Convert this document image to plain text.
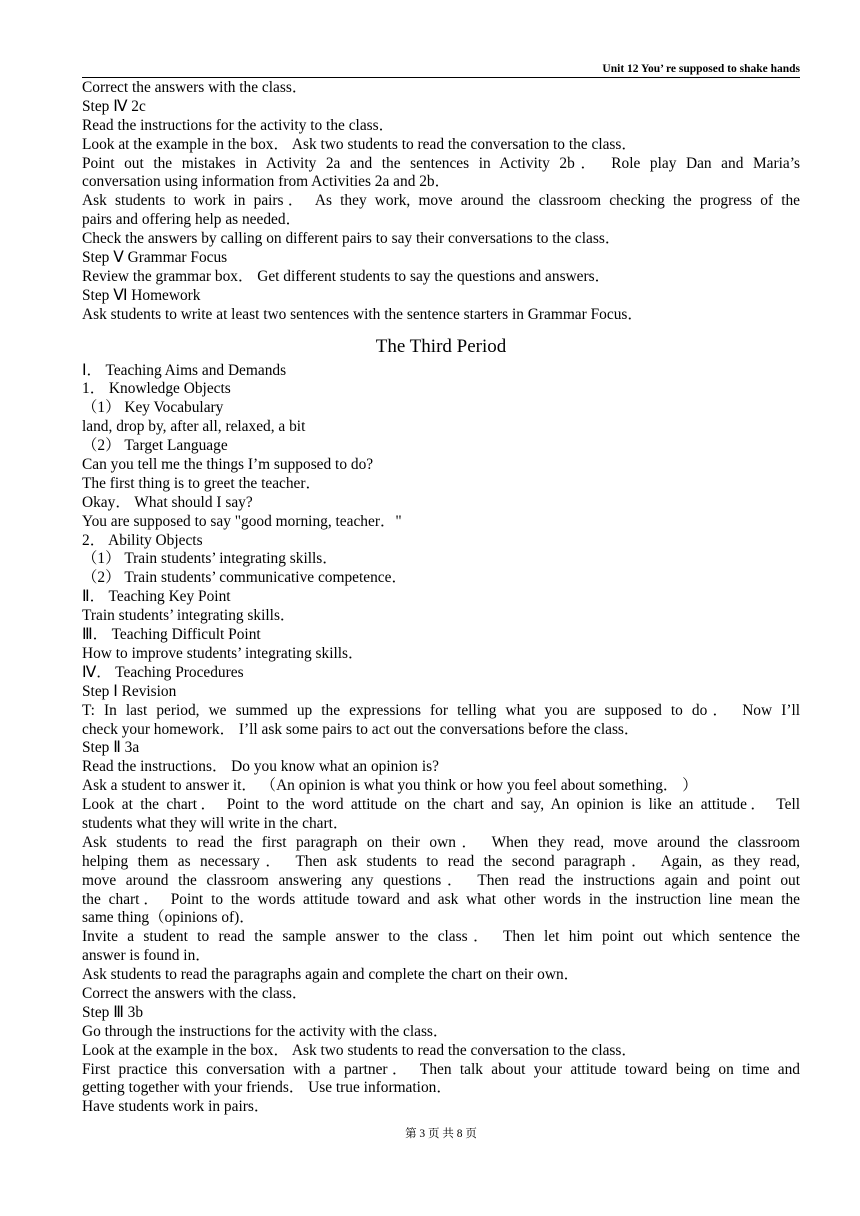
Unit 12 You’ re supposed to shake hands
Correct the answers with the class．
Step Ⅳ 2c
Read the instructions for the activity to the class．
Look at the example in the box． Ask two students to read the conversation to the class．
Point out the mistakes in Activity 2a and the sentences in Activity 2b． Role play Dan and Maria’s
conversation using information from Activities 2a and 2b．
Ask students to work in pairs． As they work, move around the classroom checking the progress of the
pairs and offering help as needed．
Check the answers by calling on different pairs to say their conversations to the class．
Step Ⅴ Grammar Focus
Review the grammar box． Get different students to say the questions and answers．
Step Ⅵ Homework
Ask students to write at least two sentences with the sentence starters in Grammar Focus．
The Third Period
Ⅰ． Teaching Aims and Demands
1． Knowledge Objects
（1） Key Vocabulary
land, drop by, after all, relaxed, a bit
（2） Target Language
Can you tell me the things I’m supposed to do?
The first thing is to greet the teacher．
Okay． What should I say?
You are supposed to say "good morning, teacher．"
2． Ability Objects
（1） Train students’ integrating skills．
（2） Train students’ communicative competence．
Ⅱ． Teaching Key Point
Train students’ integrating skills．
Ⅲ． Teaching Difficult Point
How to improve students’ integrating skills．
Ⅳ． Teaching Procedures
Step Ⅰ Revision
T: In last period, we summed up the expressions for telling what you are supposed to do． Now I’ll
check your homework． I’ll ask some pairs to act out the conversations before the class．
Step Ⅱ 3a
Read the instructions． Do you know what an opinion is?
Ask a student to answer it． （An opinion is what you think or how you feel about something． ）
Look at the chart． Point to the word attitude on the chart and say, An opinion is like an attitude． Tell
students what they will write in the chart．
Ask students to read the first paragraph on their own． When they read, move around the classroom
helping them as necessary． Then ask students to read the second paragraph． Again, as they read,
move around the classroom answering any questions． Then read the instructions again and point out
the chart． Point to the words attitude toward and ask what other words in the instruction line mean the
same thing（opinions of)．
Invite a student to read the sample answer to the class． Then let him point out which sentence the
answer is found in．
Ask students to read the paragraphs again and complete the chart on their own．
Correct the answers with the class．
Step Ⅲ 3b
Go through the instructions for the activity with the class．
Look at the example in the box． Ask two students to read the conversation to the class．
First practice this conversation with a partner． Then talk about your attitude toward being on time and
getting together with your friends． Use true information．
Have students work in pairs．
第 3 页 共 8 页
